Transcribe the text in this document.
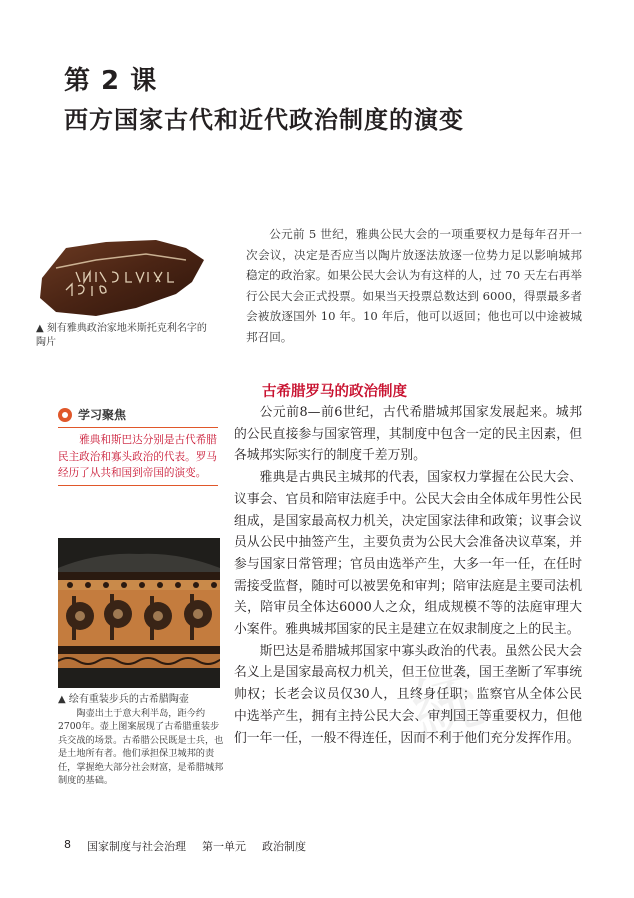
第 2 课
西方国家古代和近代政治制度的演变
▲ 刻有雅典政治家地米斯托克利名字的陶片

公元前 5 世纪，雅典公民大会的一项重要权力是每年召开一次会议，决定是否应当以陶片放逐法放逐一位势力足以影响城邦稳定的政治家。如果公民大会认为有这样的人，过 70 天左右再举行公民大会正式投票。如果当天投票总数达到 6000，得票最多者会被放逐国外 10 年。10 年后，他可以返回；他也可以中途被城邦召回。

古希腊罗马的政治制度
学习聚焦

雅典和斯巴达分别是古代希腊民主政治和寡头政治的代表。罗马经历了从共和国到帝国的演变。

公元前8—前6世纪，古代希腊城邦国家发展起来。城邦的公民直接参与国家管理，其制度中包含一定的民主因素，但各城邦实际实行的制度千差万别。

雅典是古典民主城邦的代表，国家权力掌握在公民大会、议事会、官员和陪审法庭手中。公民大会由全体成年男性公民组成，是国家最高权力机关，决定国家法律和政策；议事会议员从公民中抽签产生，主要负责为公民大会准备决议草案，并参与国家日常管理；官员由选举产生，大多一年一任，在任时需接受监督，随时可以被罢免和审判；陪审法庭是主要司法机关，陪审员全体达6000人之众，组成规模不等的法庭审理大小案件。雅典城邦国家的民主是建立在奴隶制度之上的民主。

斯巴达是希腊城邦国家中寡头政治的代表。虽然公民大会名义上是国家最高权力机关，但王位世袭，国王垄断了军事统帅权；长老会议员仅30人，且终身任职；监察官从全体公民中选举产生，拥有主持公民大会、审判国王等重要权力，但他们一年一任，一般不得连任，因而不利于他们充分发挥作用。

▲ 绘有重装步兵的古希腊陶壶
陶壶出土于意大利半岛，距今约2700年。壶上图案展现了古希腊重装步兵交战的场景。古希腊公民既是士兵，也是土地所有者。他们承担保卫城邦的责任，掌握绝大部分社会财富，是希腊城邦制度的基础。
統
8 国家制度与社会治理 第一单元 政治制度
